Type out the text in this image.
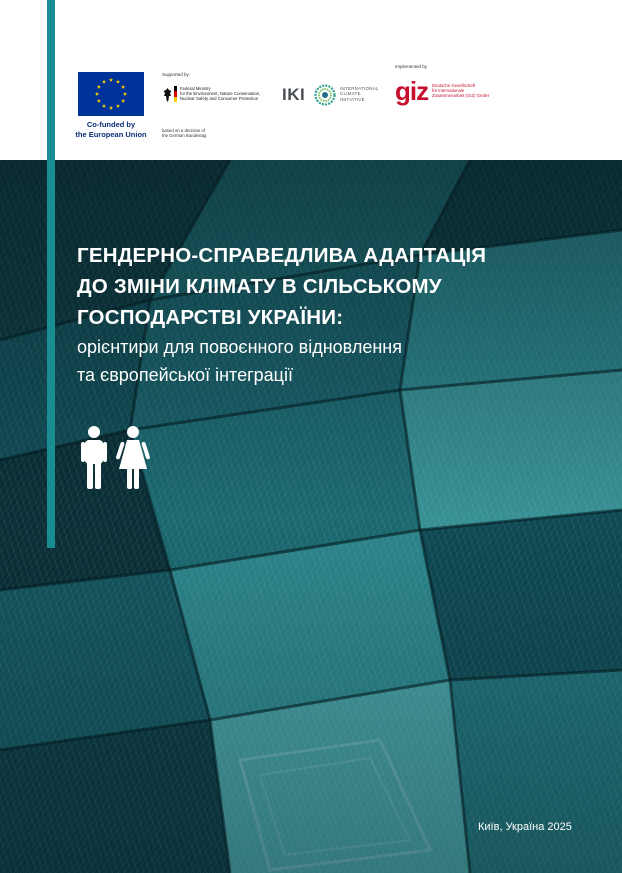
Co-funded by
the European Union
Supported by:
Federal Ministry
for the Environment, Nature Conservation,
Nuclear Safety and Consumer Protection
based on a decision of
the German Bundestag
IKI	INTERNATIONAL
CLIMATE
INITIATIVE
Implemented by
giz Deutsche Gesellschaft
für Internationale
Zusammenarbeit (GIZ) GmbH
ГЕНДЕРНО-СПРАВЕДЛИВА АДАПТАЦІЯ
ДО ЗМІНИ КЛІМАТУ В СІЛЬСЬКОМУ
ГОСПОДАРСТВІ УКРАЇНИ:
орієнтири для повоєнного відновлення
та європейської інтеграції
Київ, Україна 2025
